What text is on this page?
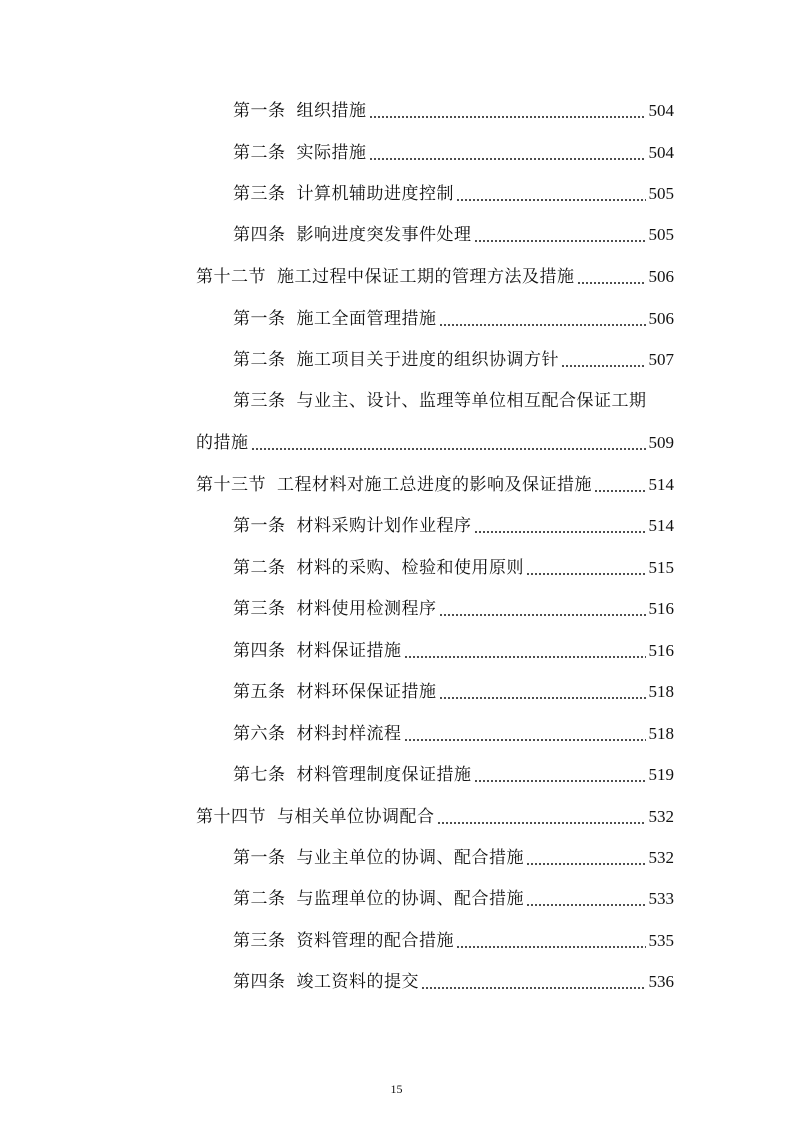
第一条 组织措施	504
第二条 实际措施	504
第三条 计算机辅助进度控制	505
第四条 影响进度突发事件处理	505
第十二节 施工过程中保证工期的管理方法及措施	506
第一条 施工全面管理措施	506
第二条 施工项目关于进度的组织协调方针	507
第三条 与业主、设计、监理等单位相互配合保证工期
的措施	509
第十三节 工程材料对施工总进度的影响及保证措施	514
第一条 材料采购计划作业程序	514
第二条 材料的采购、检验和使用原则	515
第三条 材料使用检测程序	516
第四条 材料保证措施	516
第五条 材料环保保证措施	518
第六条 材料封样流程	518
第七条 材料管理制度保证措施	519
第十四节 与相关单位协调配合	532
第一条 与业主单位的协调、配合措施	532
第二条 与监理单位的协调、配合措施	533
第三条 资料管理的配合措施	535
第四条 竣工资料的提交	536
15
